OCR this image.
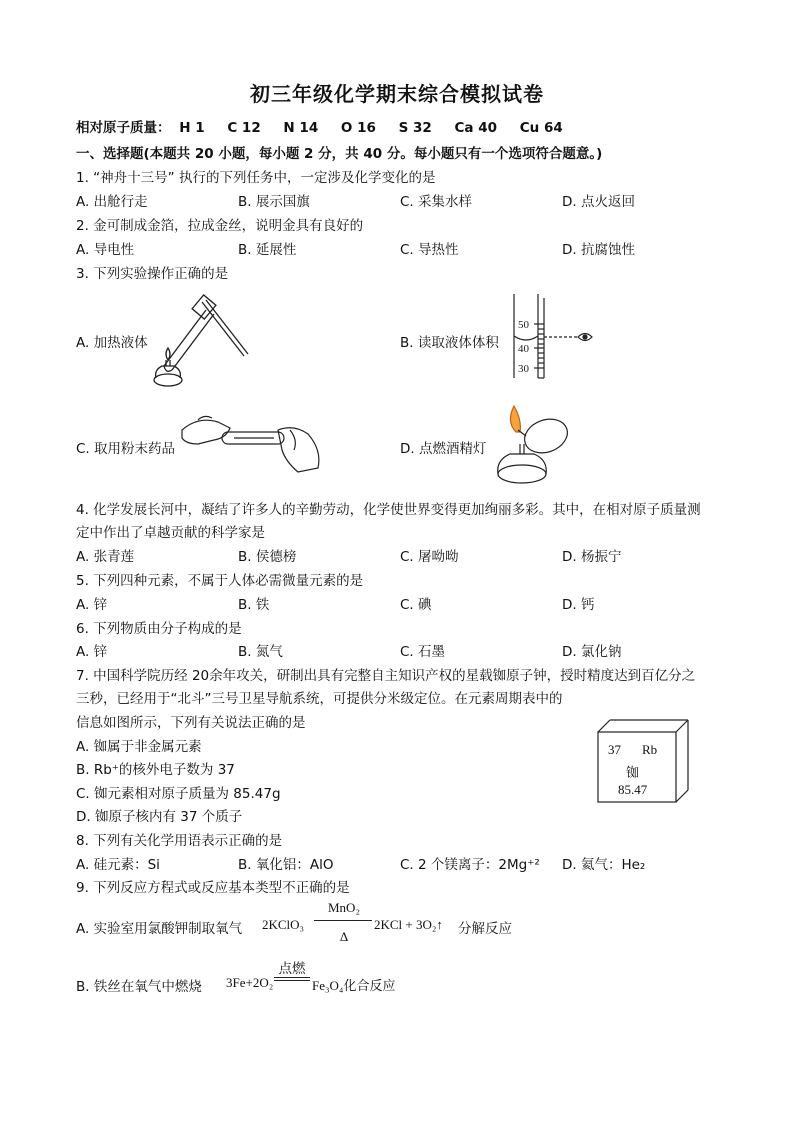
初三年级化学期末综合模拟试卷
相对原子质量： H 1 C 12 N 14 O 16 S 32 Ca 40 Cu 64
一、选择题(本题共 20 小题，每小题 2 分，共 40 分。每小题只有一个选项符合题意。)
1. “神舟十三号” 执行的下列任务中，一定涉及化学变化的是
A. 出舱行走	B. 展示国旗	C. 采集水样	D. 点火返回
2. 金可制成金箔，拉成金丝，说明金具有良好的
A. 导电性	B. 延展性	C. 导热性	D. 抗腐蚀性
3. 下列实验操作正确的是
A. 加热液体	B. 读取液体体积
50
40
30
C. 取用粉末药品	D. 点燃酒精灯
4. 化学发展长河中，凝结了许多人的辛勤劳动，化学使世界变得更加绚丽多彩。其中，在相对原子质量测
定中作出了卓越贡献的科学家是
A. 张青莲	B. 侯德榜	C. 屠呦呦	D. 杨振宁
5. 下列四种元素，不属于人体必需微量元素的是
A. 锌	B. 铁	C. 碘	D. 钙
6. 下列物质由分子构成的是
A. 锌	B. 氮气	C. 石墨	D. 氯化钠
7. 中国科学院历经 20余年攻关，研制出具有完整自主知识产权的星载铷原子钟，授时精度达到百亿分之
三秒，已经用于“北斗”三号卫星导航系统，可提供分米级定位。在元素周期表中的
信息如图所示，下列有关说法正确的是
A. 铷属于非金属元素
B. Rb⁺的核外电子数为 37
C. 铷元素相对原子质量为 85.47g
D. 铷原子核内有 37 个质子
37 Rb
铷
85.47
8. 下列有关化学用语表示正确的是
A. 硅元素：Si	B. 氧化铝：AlO	C. 2 个镁离子：2Mg⁺² D. 氦气：He₂
9. 下列反应方程式或反应基本类型不正确的是
A. 实验室用氯酸钾制取氧气 2KClO₃
MnO₂
Δ
2KCl + 3O₂↑ 分解反应
B. 铁丝在氧气中燃烧 3Fe+2O₂
点燃
Fe₃O₄化合反应
